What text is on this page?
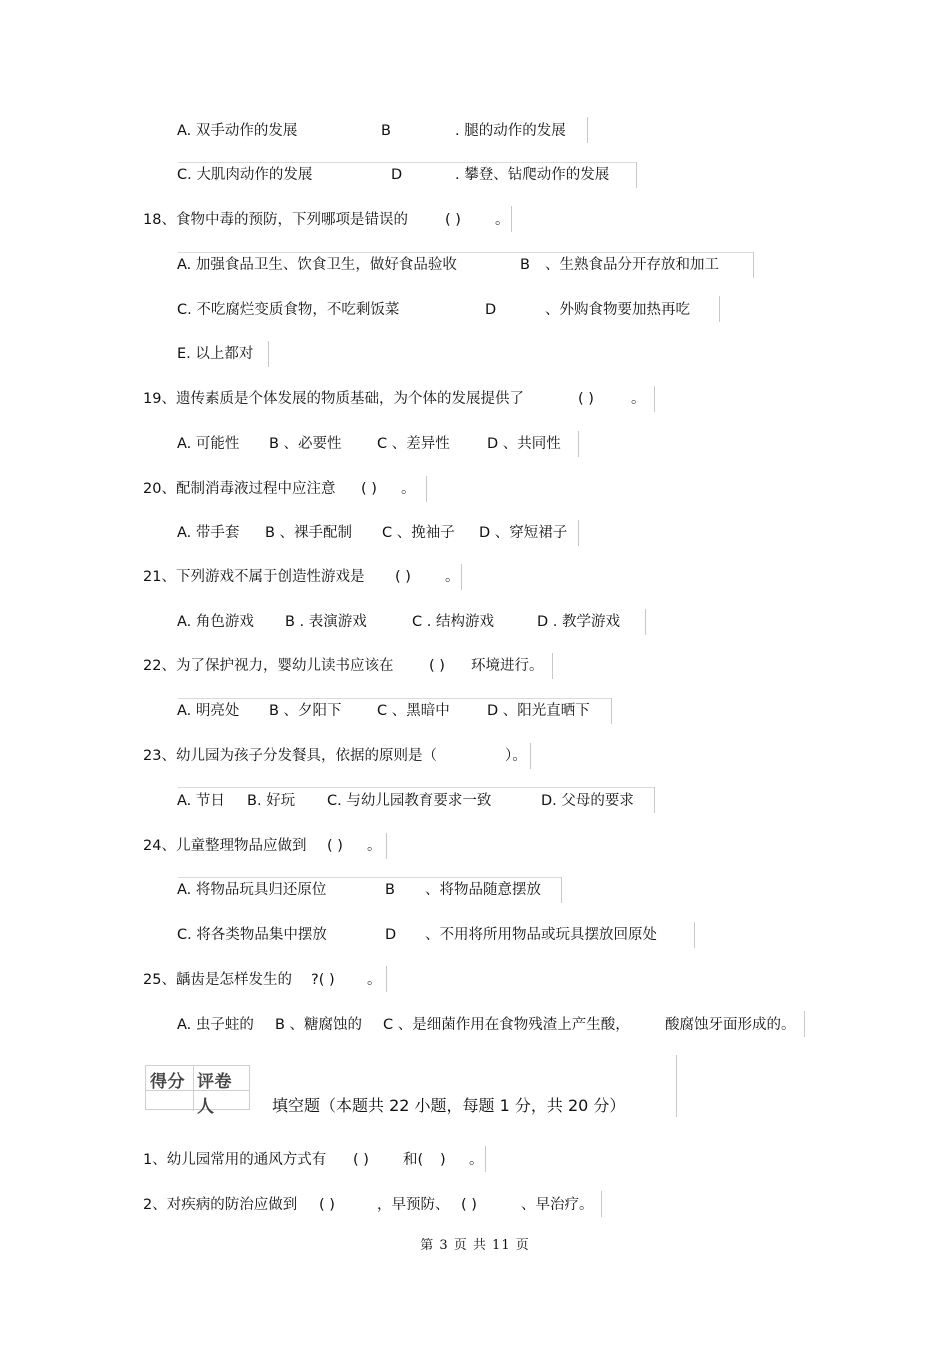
A. 双手动作的发展	B	. 腿的动作的发展
C. 大肌肉动作的发展	D	. 攀登、钻爬动作的发展
18、食物中毒的预防，下列哪项是错误的	( ) 。
A. 加强食品卫生、饮食卫生，做好食品验收	B 、生熟食品分开存放和加工
C. 不吃腐烂变质食物，不吃剩饭菜	D	、外购食物要加热再吃
E. 以上都对
19、遗传素质是个体发展的物质基础，为个体的发展提供了	( )	。
A. 可能性 B 、必要性 C 、差异性	D 、共同性
20、配制消毒液过程中应注意 ( ) 。
A. 带手套 B 、裸手配制 C 、挽袖子 D 、穿短裙子
21、下列游戏不属于创造性游戏是 ( ) 。
A. 角色游戏 B . 表演游戏	C . 结构游戏	D . 教学游戏
22、为了保护视力，婴幼儿读书应该在 ( ) 环境进行。
A. 明亮处 B 、夕阳下 C 、黑暗中	D 、阳光直晒下
23、幼儿园为孩子分发餐具，依据的原则是（	）。
A. 节日 B. 好玩 C. 与幼儿园教育要求一致	D. 父母的要求
24、儿童整理物品应做到 ( ) 。
A. 将物品玩具归还原位	B 、将物品随意摆放
C. 将各类物品集中摆放	D 、不用将所用物品或玩具摆放回原处
25、龋齿是怎样发生的 ?( ) 。
A. 虫子蛀的 B 、糖腐蚀的 C 、是细菌作用在食物残渣上产生酸， 酸腐蚀牙面形成的。
得分 评卷人	填空题（本题共 22 小题，每题 1 分，共 20 分）
1、幼儿园常用的通风方式有 ( ) 和( ) 。
2、对疾病的防治应做到 ( )	，早预防、 ( )	、早治疗。
第 3 页 共 11 页
